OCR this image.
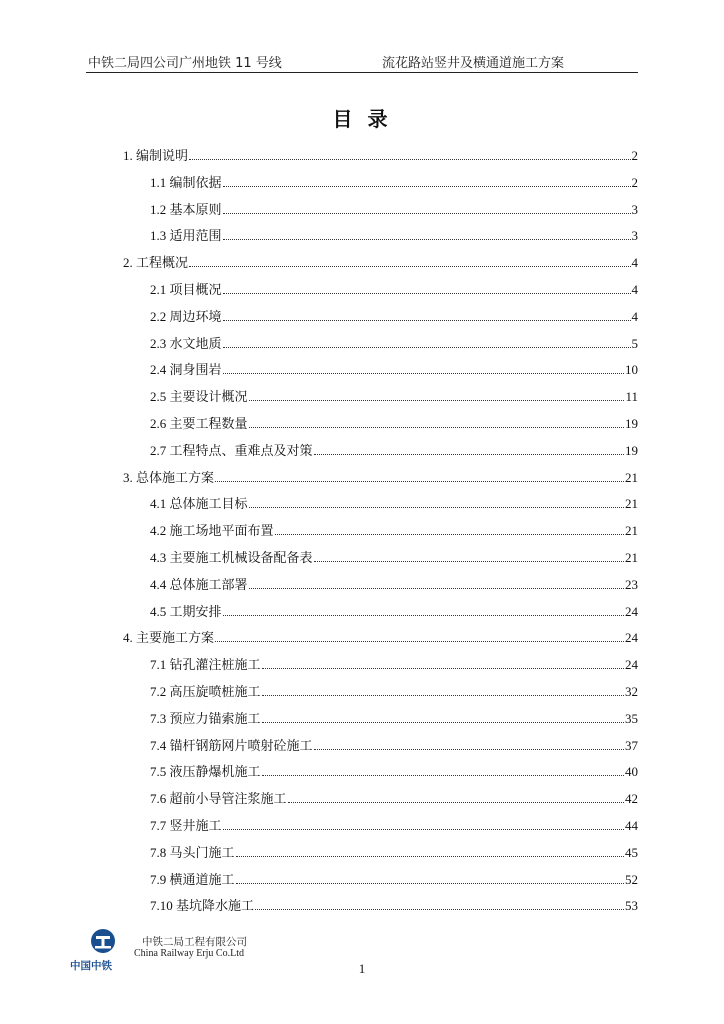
中铁二局四公司广州地铁 11 号线	流花路站竖井及横通道施工方案
目 录
1. 编制说明	2
1.1 编制依据	2
1.2 基本原则	3
1.3 适用范围	3
2. 工程概况	4
2.1 项目概况	4
2.2 周边环境	4
2.3 水文地质	5
2.4 洞身围岩	10
2.5 主要设计概况	11
2.6 主要工程数量	19
2.7 工程特点、重难点及对策	19
3. 总体施工方案	21
4.1 总体施工目标	21
4.2 施工场地平面布置	21
4.3 主要施工机械设备配备表	21
4.4 总体施工部署	23
4.5 工期安排	24
4. 主要施工方案	24
7.1 钻孔灌注桩施工	24
7.2 高压旋喷桩施工	32
7.3 预应力锚索施工	35
7.4 锚杆钢筋网片喷射砼施工	37
7.5 液压静爆机施工	40
7.6 超前小导管注浆施工	42
7.7 竖井施工	44
7.8 马头门施工	45
7.9 横通道施工	52
7.10 基坑降水施工	53
中铁二局工程有限公司
China Railway Erju Co.Ltd
中国中铁	1
